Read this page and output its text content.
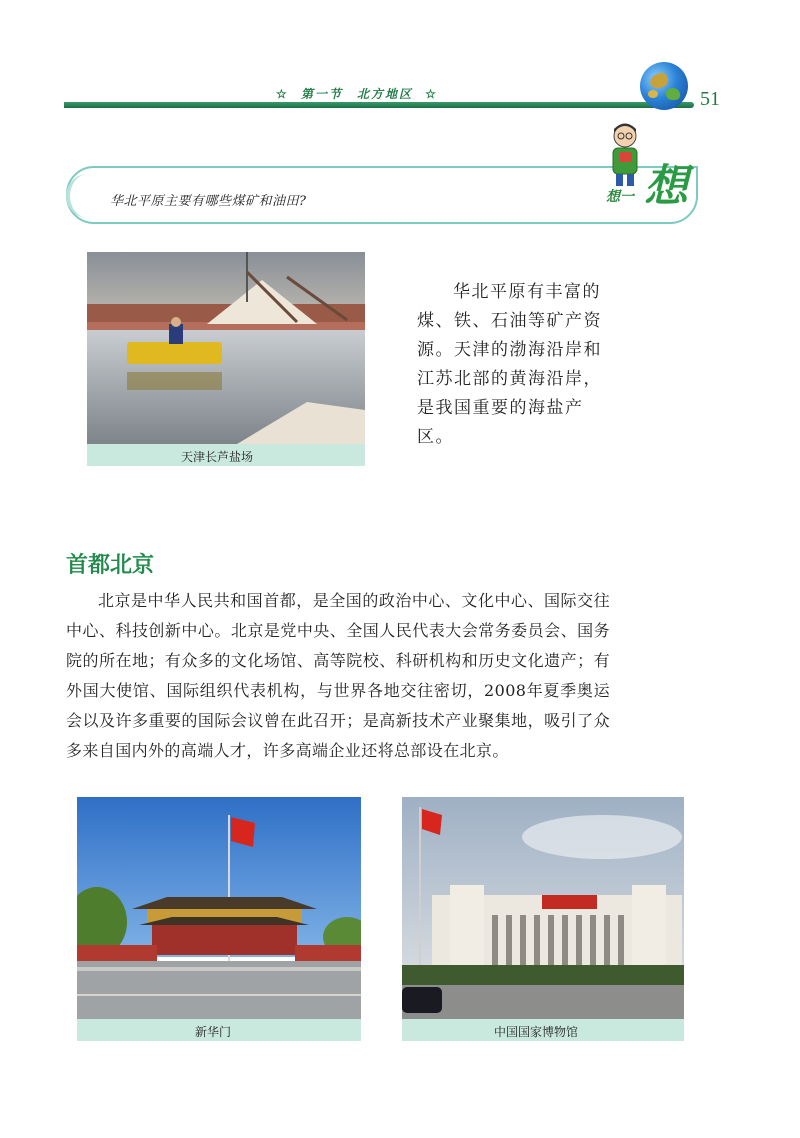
☆ 第一节　北方地区 ☆	51
华北平原主要有哪些煤矿和油田?	想一 想
天津长芦盐场
华北平原有丰富的煤、铁、石油等矿产资源。天津的渤海沿岸和江苏北部的黄海沿岸，是我国重要的海盐产区。
首都北京
北京是中华人民共和国首都，是全国的政治中心、文化中心、国际交往中心、科技创新中心。北京是党中央、全国人民代表大会常务委员会、国务院的所在地；有众多的文化场馆、高等院校、科研机构和历史文化遗产；有外国大使馆、国际组织代表机构，与世界各地交往密切，2008年夏季奥运会以及许多重要的国际会议曾在此召开；是高新技术产业聚集地，吸引了众多来自国内外的高端人才，许多高端企业还将总部设在北京。
新华门	中国国家博物馆
